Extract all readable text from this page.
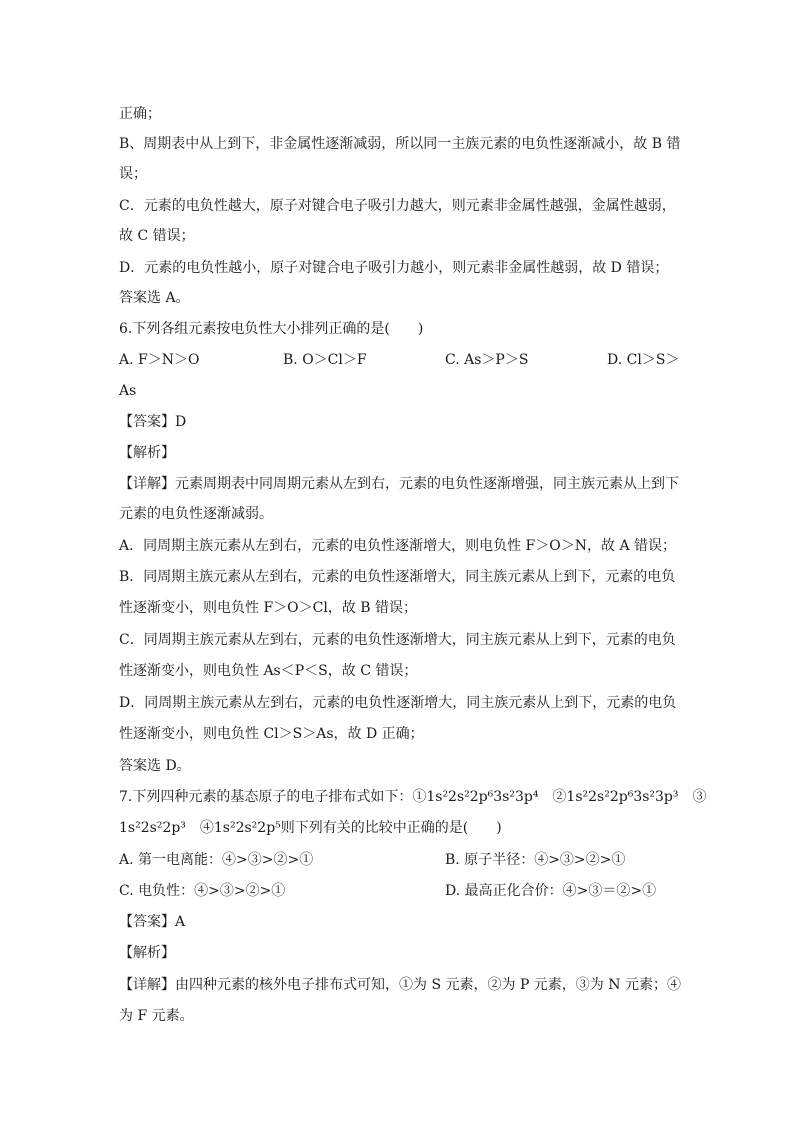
正确；
B、周期表中从上到下，非金属性逐渐减弱，所以同一主族元素的电负性逐渐减小，故 B 错
误；
C．元素的电负性越大，原子对键合电子吸引力越大，则元素非金属性越强，金属性越弱，
故 C 错误；
D．元素的电负性越小，原子对键合电子吸引力越小，则元素非金属性越弱，故 D 错误；
答案选 A。
6.下列各组元素按电负性大小排列正确的是(　　)
A. F＞N＞O	B. O＞Cl＞F	C. As＞P＞S	D. Cl＞S＞
As
【答案】D
【解析】
【详解】元素周期表中同周期元素从左到右，元素的电负性逐渐增强，同主族元素从上到下
元素的电负性逐渐减弱。
A．同周期主族元素从左到右，元素的电负性逐渐增大，则电负性 F＞O＞N，故 A 错误；
B．同周期主族元素从左到右，元素的电负性逐渐增大，同主族元素从上到下，元素的电负
性逐渐变小，则电负性 F＞O＞Cl，故 B 错误；
C．同周期主族元素从左到右，元素的电负性逐渐增大，同主族元素从上到下，元素的电负
性逐渐变小，则电负性 As＜P＜S，故 C 错误；
D．同周期主族元素从左到右，元素的电负性逐渐增大，同主族元素从上到下，元素的电负
性逐渐变小，则电负性 Cl＞S＞As，故 D 正确；
答案选 D。
7.下列四种元素的基态原子的电子排布式如下：①1s²2s²2p⁶3s²3p⁴　②1s²2s²2p⁶3s²3p³　③
1s²2s²2p³　④1s²2s²2p⁵则下列有关的比较中正确的是(　　)
A. 第一电离能：④>③>②>①	B. 原子半径：④>③>②>①
C. 电负性：④>③>②>①	D. 最高正化合价：④>③＝②>①
【答案】A
【解析】
【详解】由四种元素的核外电子排布式可知，①为 S 元素，②为 P 元素，③为 N 元素；④
为 F 元素。
